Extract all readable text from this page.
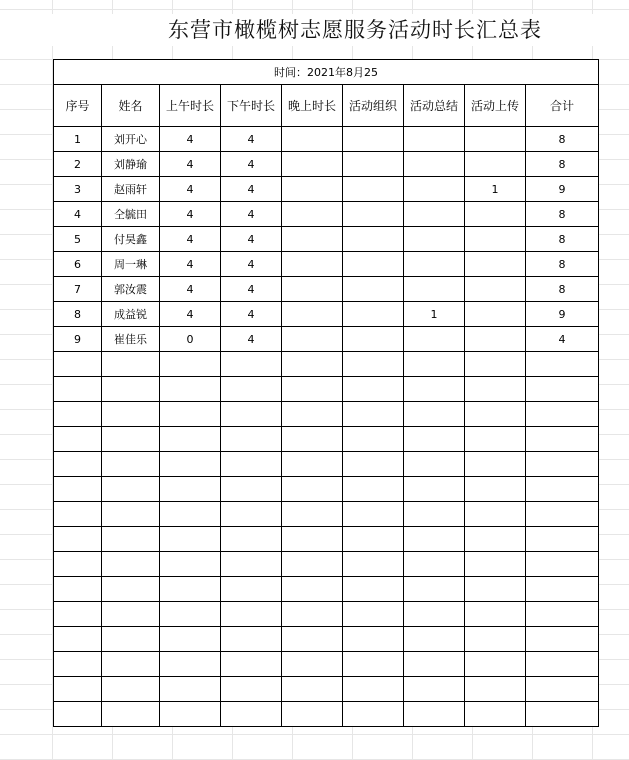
东营市橄榄树志愿服务活动时长汇总表
时间：2021年8月25								
序号	姓名	上午时长	下午时长	晚上时长	活动组织	活动总结	活动上传	合计
1	刘开心	4	4					8
2	刘静瑜	4	4					8
3	赵雨轩	4	4				1	9
4	仝毓田	4	4					8
5	付昊鑫	4	4					8
6	周一琳	4	4					8
7	郭汝震	4	4					8
8	成益锐	4	4			1		9
9	崔佳乐	0	4					4
